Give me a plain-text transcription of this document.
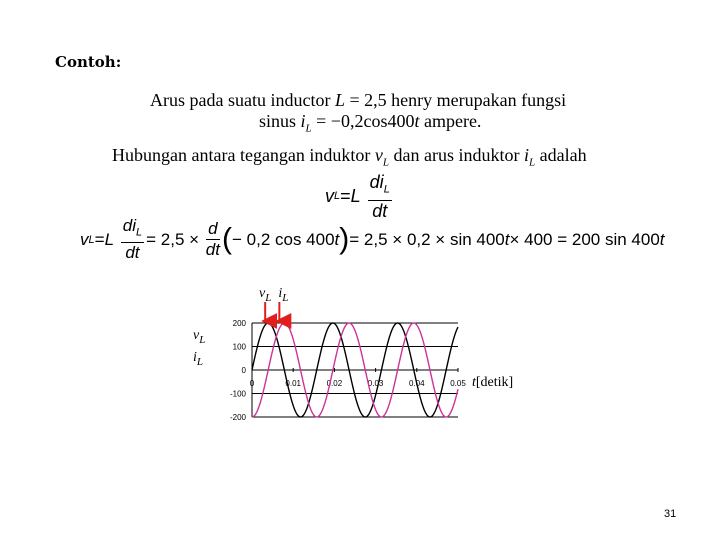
Contoh:
Arus pada suatu inductor L = 2,5 henry merupakan fungsi
sinus $i_L = -0,2\cos 400t$ ampere.
Hubungan antara tegangan induktor $v_L$ dan arus induktor $i_L$ adalah
$vL=L \frac{di_L}{dt}$
$vL=L \frac{di_L}{dt} = 2,5 \times \frac{d}{dt}$ (− 0,2 cos 400t)= 2,5 × 0,2 × sin 400t× 400 = 200 sin 400t
$v_L$ $i_L$
$v_L$
$i_L$
200
100
0
-100
-200
0	0.01	0.02	0.03	0.04	0.05 t[detik]
31
